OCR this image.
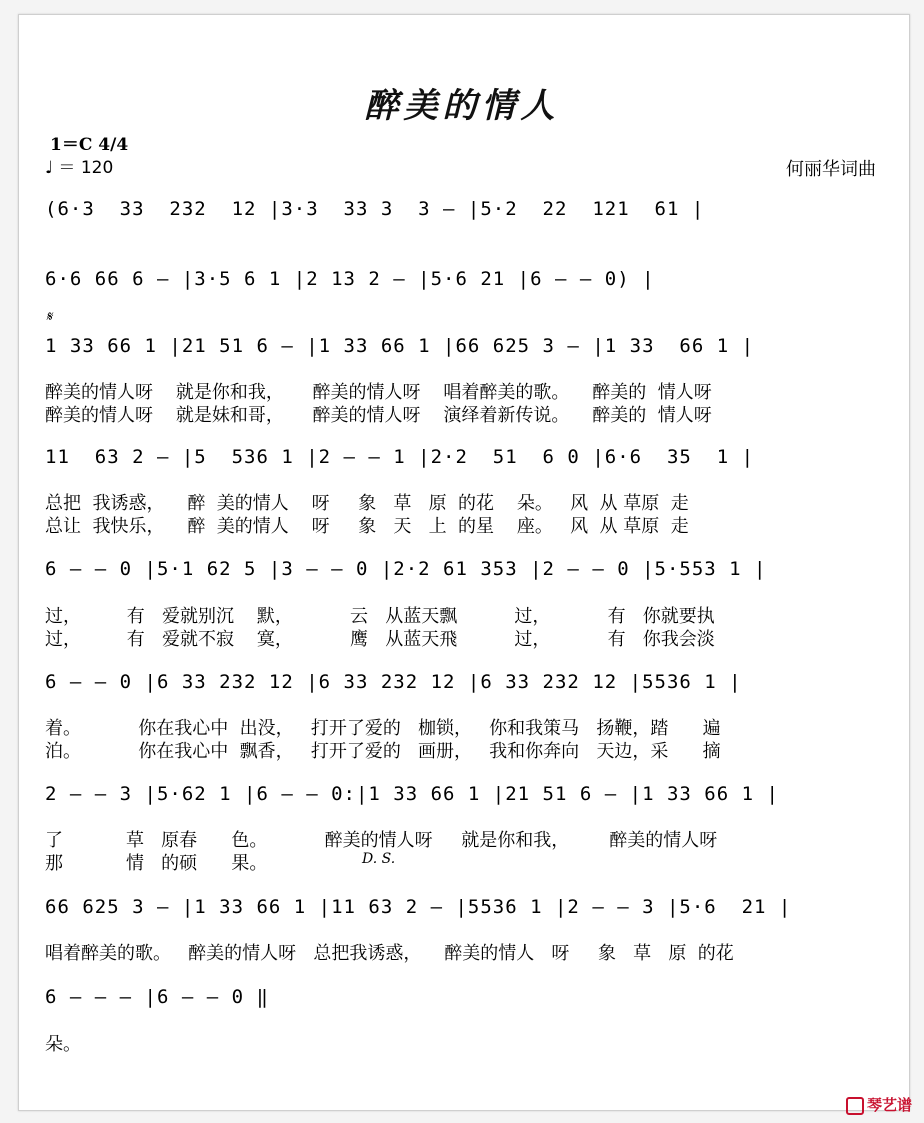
醉美的情人
1＝C 4/4
♩ ＝ 120	何丽华词曲
𝄋
(6·3  33  232  12 |3·3  33 3  3 — |5·2  22  121  61 |
6·6 66 6 — |3·5 6 1 |2 13 2 — |5·6 21 |6 — — 0) |
1 33 66 1 |21 51 6 — |1 33 66 1 |66 625 3 — |1 33  66 1 |
醉美的情人呀    就是你和我，     醉美的情人呀    唱着醉美的歌。    醉美的  情人呀
醉美的情人呀    就是妹和哥，     醉美的情人呀    演绎着新传说。    醉美的  情人呀
11  63 2 — |5  536 1 |2 — — 1 |2·2  51  6 0 |6·6  35  1 |
总把  我诱惑，    醉  美的情人    呀     象   草   原  的花    朵。   风  从 草原  走
总让  我快乐，    醉  美的情人    呀     象   天   上  的星    座。   风  从 草原  走
6 — — 0 |5·1 62 5 |3 — — 0 |2·2 61 353 |2 — — 0 |5·553 1 |
过，        有   爱就别沉    默，          云   从蓝天飘          过，          有   你就要执
过，        有   爱就不寂    寞，          鹰   从蓝天飛          过，          有   你我会淡
6 — — 0 |6 33 232 12 |6 33 232 12 |6 33 232 12 |5536 1 |
着。          你在我心中  出没，   打开了爱的   枷锁，   你和我策马   扬鞭，踏      遍
泊。          你在我心中  飘香，   打开了爱的   画册，   我和你奔向   天边，采      摘
2 — — 3 |5·62 1 |6 — — 0:|1 33 66 1 |21 51 6 — |1 33 66 1 |
了           草   原春      色。          醉美的情人呀     就是你和我，       醉美的情人呀
那           情   的硕      果。	D. S.
66 625 3 — |1 33 66 1 |11 63 2 — |5536 1 |2 — — 3 |5·6  21 |
唱着醉美的歌。   醉美的情人呀   总把我诱惑，    醉美的情人   呀     象   草   原  的花
6 — — — |6 — — 0 ‖
朵。
琴艺谱
